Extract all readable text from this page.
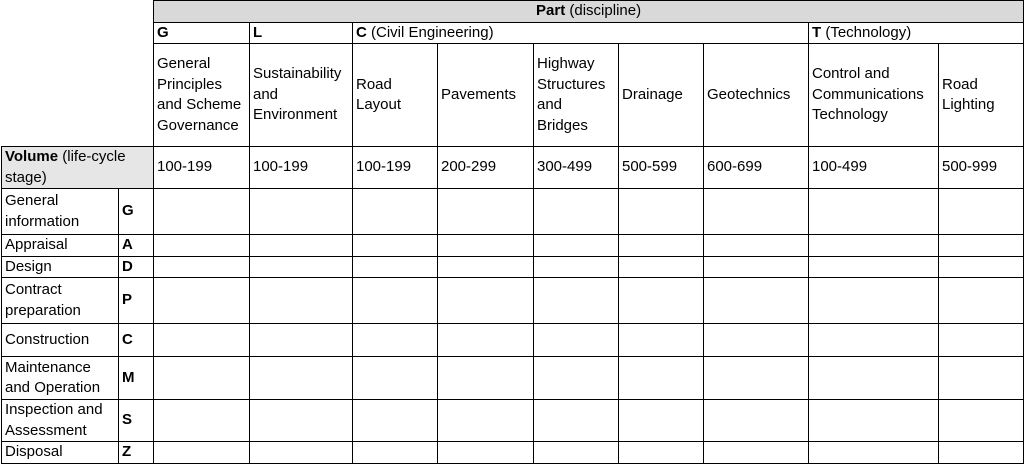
		Part (discipline)								
		G	L	C (Civil Engineering)					T (Technology)	
		General Principles and Scheme Governance	Sustainability and Environment	Road Layout	Pavements	Highway Structures and Bridges	Drainage	Geotechnics	Control and Communications Technology	Road Lighting
Volume (life-cycle stage)		100-199	100-199	100-199	200-299	300-499	500-599	600-699	100-499	500-999
General information	G									
Appraisal	A									
Design	D									
Contract preparation	P									
Construction	C									
Maintenance and Operation	M									
Inspection and Assessment	S									
Disposal	Z									
